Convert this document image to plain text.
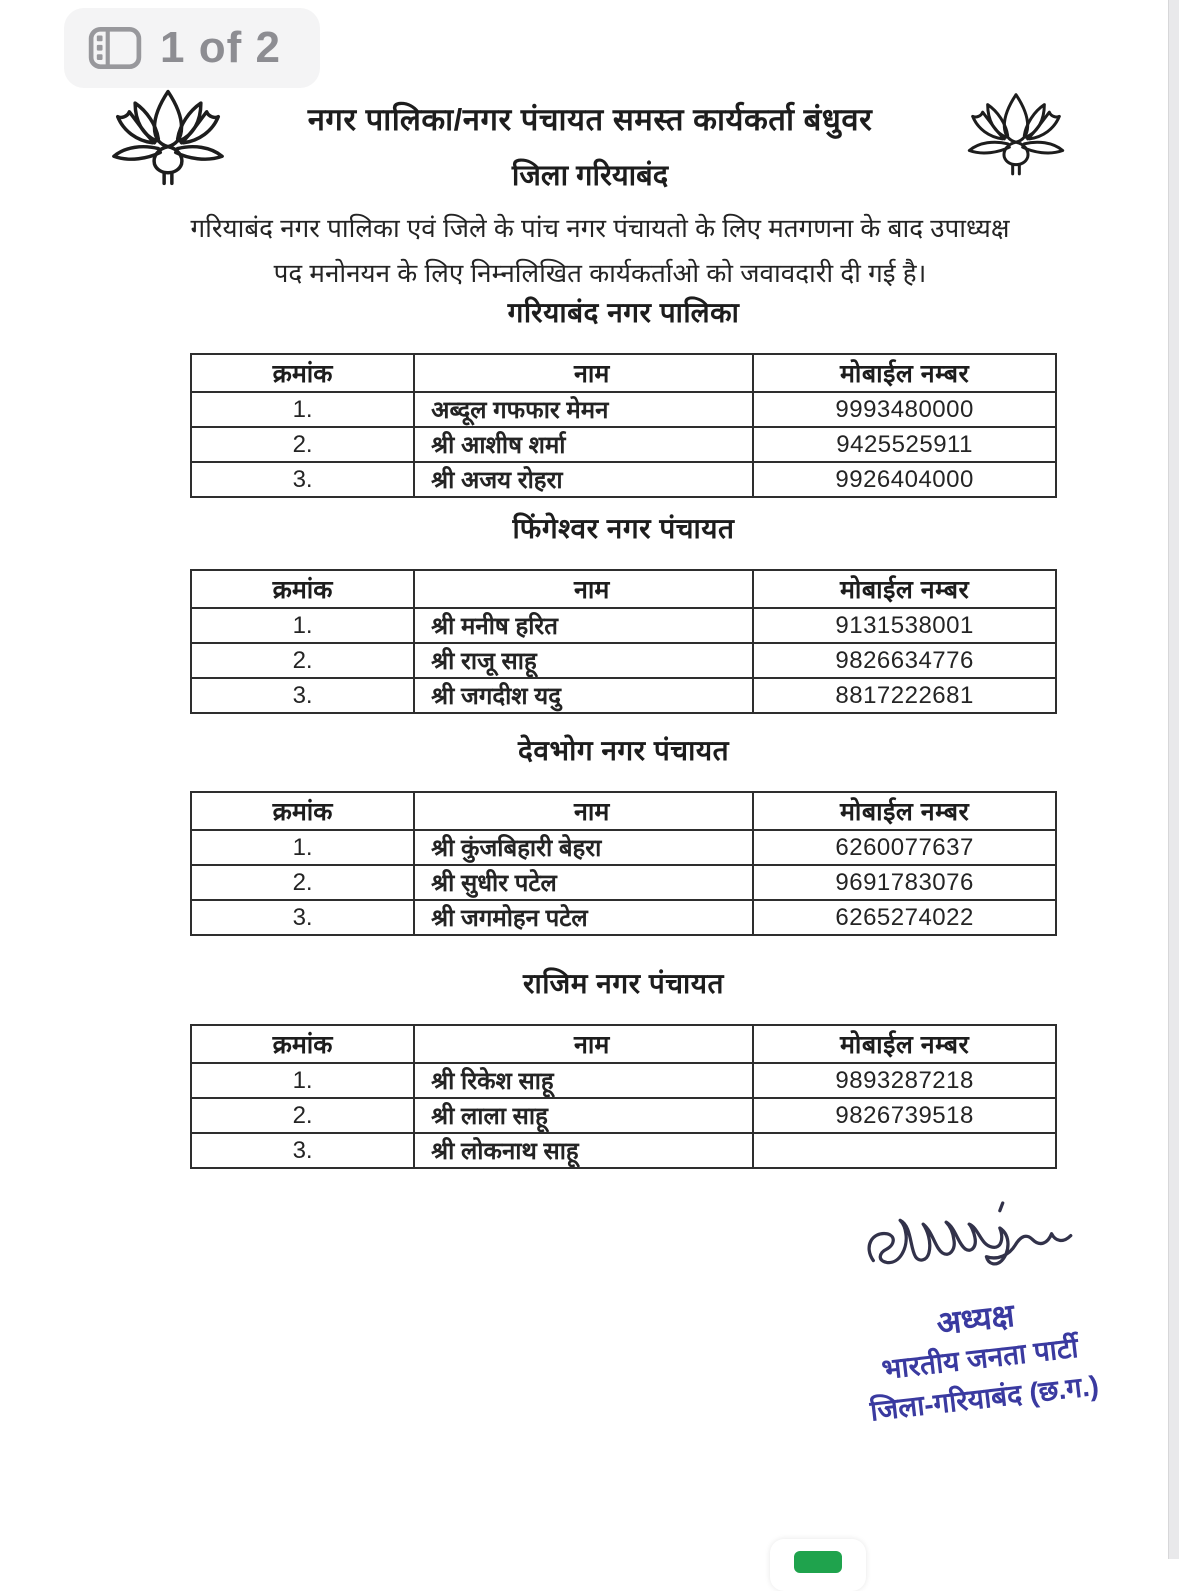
नगर पालिका/नगर पंचायत समस्त कार्यकर्ता बंधुवर
जिला गरियाबंद
गरियाबंद नगर पालिका एवं जिले के पांच नगर पंचायतो के लिए मतगणना के बाद उपाध्यक्ष
पद मनोनयन के लिए निम्नलिखित कार्यकर्ताओ को जवावदारी दी गई है।
गरियाबंद नगर पालिका
क्रमांक	नाम	मोबाईल नम्बर
1.	अब्दूल गफफार मेमन	9993480000
2.	श्री आशीष शर्मा	9425525911
3.	श्री अजय रोहरा	9926404000
फिंगेश्वर नगर पंचायत
क्रमांक	नाम	मोबाईल नम्बर
1.	श्री मनीष हरित	9131538001
2.	श्री राजू साहू	9826634776
3.	श्री जगदीश यदु	8817222681
देवभोग नगर पंचायत
क्रमांक	नाम	मोबाईल नम्बर
1.	श्री कुंजबिहारी बेहरा	6260077637
2.	श्री सुधीर पटेल	9691783076
3.	श्री जगमोहन पटेल	6265274022
राजिम नगर पंचायत
क्रमांक	नाम	मोबाईल नम्बर
1.	श्री रिकेश साहू	9893287218
2.	श्री लाला साहू	9826739518
3.	श्री लोकनाथ साहू	
अध्यक्ष
भारतीय जनता पार्टी
जिला-गरियाबंद (छ.ग.)
1 of 2
